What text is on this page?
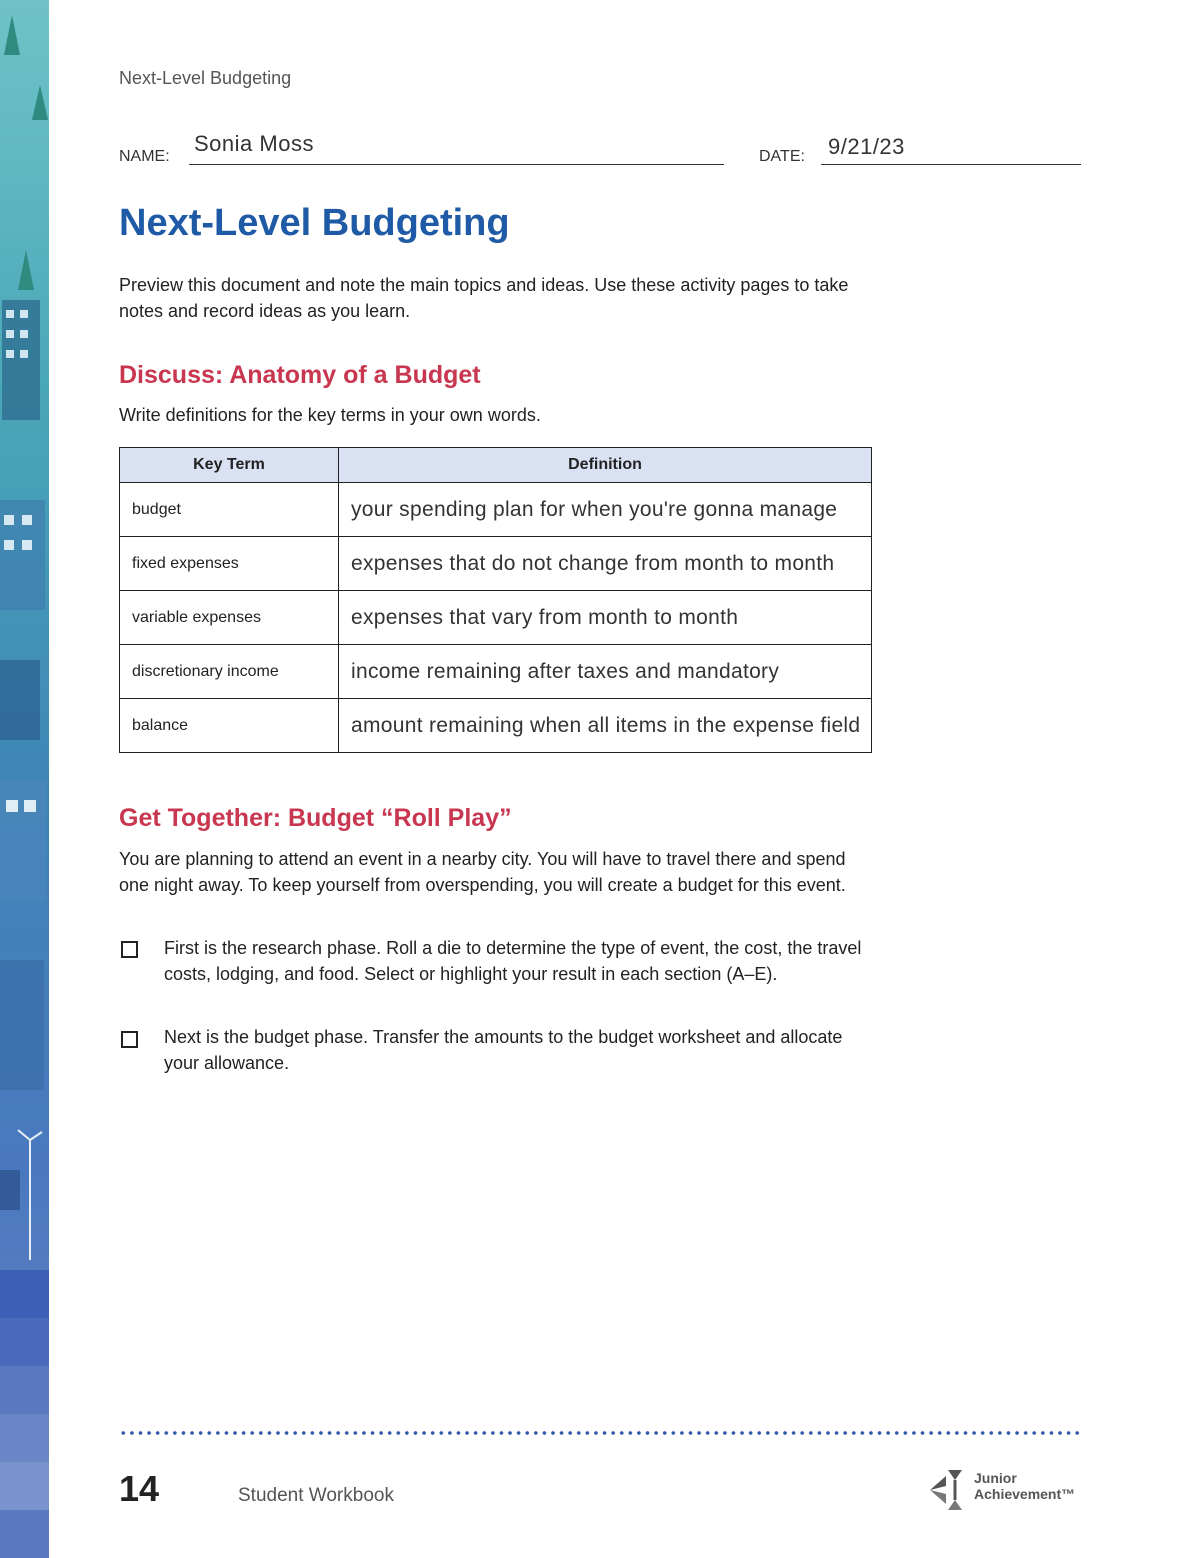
Next-Level Budgeting
NAME:
Sonia Moss
DATE: 9/21/23
Next-Level Budgeting
Preview this document and note the main topics and ideas. Use these activity pages to take notes and record ideas as you learn.
Discuss: Anatomy of a Budget
Write definitions for the key terms in your own words.
Key Term	Definition
budget	your spending plan for when you're gonna manage
fixed expenses	expenses that do not change from month to month
variable expenses	expenses that vary from month to month
discretionary income	income remaining after taxes and mandatory
balance	amount remaining when all items in the expense field
Get Together: Budget “Roll Play”
You are planning to attend an event in a nearby city. You will have to travel there and spend one night away. To keep yourself from overspending, you will create a budget for this event.
First is the research phase. Roll a die to determine the type of event, the cost, the travel costs, lodging, and food. Select or highlight your result in each section (A–E).
Next is the budget phase. Transfer the amounts to the budget worksheet and allocate your allowance.
14	Student Workbook
Junior
Achievement™
